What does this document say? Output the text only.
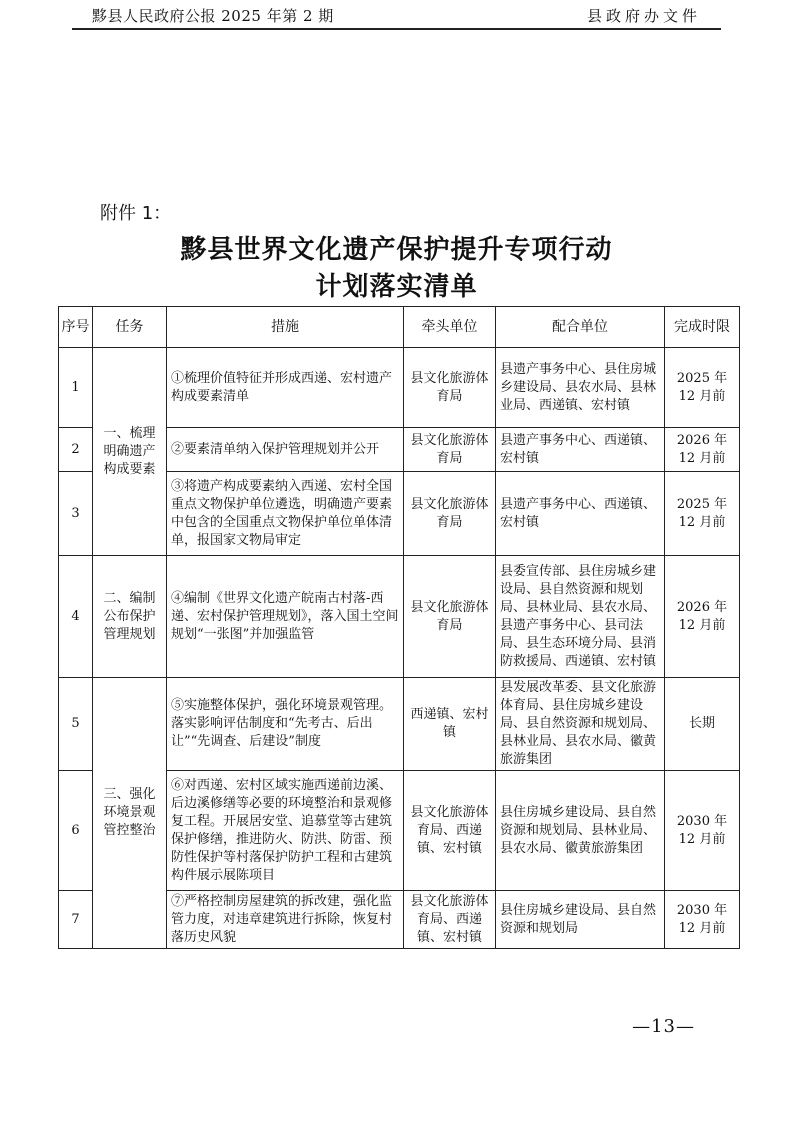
黟县人民政府公报 2025 年第 2 期	县政府办文件
附件 1：
黟县世界文化遗产保护提升专项行动
计划落实清单
序号	任务	措施	牵头单位	配合单位	完成时限
1	一、梳理明确遗产构成要素	①梳理价值特征并形成西递、宏村遗产构成要素清单	县文化旅游体育局	县遗产事务中心、县住房城乡建设局、县农水局、县林业局、西递镇、宏村镇	2025 年 12 月前
2		②要素清单纳入保护管理规划并公开	县文化旅游体育局	县遗产事务中心、西递镇、宏村镇	2026 年 12 月前
3		③将遗产构成要素纳入西递、宏村全国重点文物保护单位遴选，明确遗产要素中包含的全国重点文物保护单位单体清单，报国家文物局审定	县文化旅游体育局	县遗产事务中心、西递镇、宏村镇	2025 年 12 月前
4	二、编制公布保护管理规划	④编制《世界文化遗产皖南古村落-西递、宏村保护管理规划》，落入国土空间规划“一张图”并加强监管	县文化旅游体育局	县委宣传部、县住房城乡建设局、县自然资源和规划局、县林业局、县农水局、县遗产事务中心、县司法局、县生态环境分局、县消防救援局、西递镇、宏村镇	2026 年 12 月前
5	三、强化环境景观管控整治	⑤实施整体保护，强化环境景观管理。落实影响评估制度和“先考古、后出让”“先调查、后建设”制度	西递镇、宏村镇	县发展改革委、县文化旅游体育局、县住房城乡建设局、县自然资源和规划局、县林业局、县农水局、徽黄旅游集团	长期
6		⑥对西递、宏村区域实施西递前边溪、后边溪修缮等必要的环境整治和景观修复工程。开展居安堂、追慕堂等古建筑保护修缮，推进防火、防洪、防雷、预防性保护等村落保护防护工程和古建筑构件展示展陈项目	县文化旅游体育局、西递镇、宏村镇	县住房城乡建设局、县自然资源和规划局、县林业局、县农水局、徽黄旅游集团	2030 年 12 月前
7		⑦严格控制房屋建筑的拆改建，强化监管力度，对违章建筑进行拆除，恢复村落历史风貌	县文化旅游体育局、西递镇、宏村镇	县住房城乡建设局、县自然资源和规划局	2030 年 12 月前
—13—
